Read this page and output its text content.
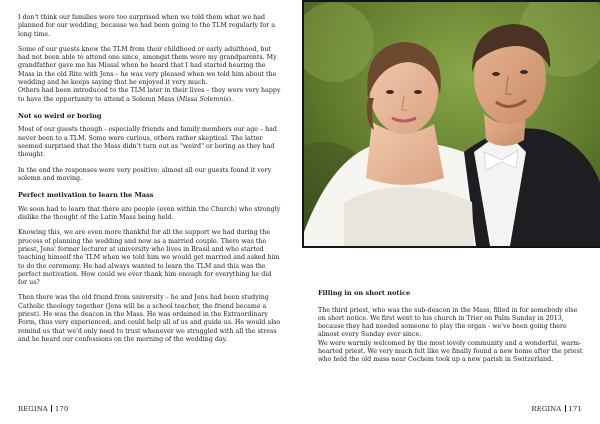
I don't think our families were too surprised when we told them what we had planned for our wedding, because we had been going to the TLM regularly for a long time.

Some of our guests knew the TLM from their childhood or early adulthood, but had not been able to attend one since, amongst them were my grandparents. My grandfather gave me his Missal when he heard that I had started hearing the Mass in the old Rite with Jens – he was very pleased when we told him about the wedding and he keeps saying that he enjoyed it very much.

Others had been introduced to the TLM later in their lives – they were very happy to have the opportunity to attend a Solemn Mass (Missa Solemnis).

Not so weird or boring

Most of our guests though - especially friends and family members our age – had never been to a TLM. Some were curious, others rather skeptical. The latter seemed surprised that the Mass didn't turn out as "weird" or boring as they had thought.

In the end the responses were very positive: almost all our guests found it very solemn and moving.

Perfect motivation to learn the Mass

We soon had to learn that there are people (even within the Church) who strongly dislike the thought of the Latin Mass being held.

Knowing this, we are even more thankful for all the support we had during the process of planning the wedding and now as a married couple. There was the priest, Jens' former lecturer at university who lives in Brasil and who started teaching himself the TLM when we told him we would get married and asked him to do the ceremony. He had always wanted to learn the TLM and this was the perfect motivation. How could we ever thank him enough for everything he did for us?

Then there was the old friend from university – he and Jens had been studying Catholic theology together (Jens will be a school teacher, the friend became a priest). He was the deacon in the Mass. He was ordained in the Extraordinary Form, thus very experienced, and could help all of us and guide us. He would also remind us that we'd only need to trust whenever we struggled with all the stress and he heard our confessions on the morning of the wedding day.

REGINA 170
Filling in on short notice

The third priest, who was the sub-deacon in the Mass, filled in for somebody else on short notice. We first went to his church in Trier on Palm Sunday in 2013, because they had needed someone to play the organ - we've been going there almost every Sunday ever since.

We were warmly welcomed by the most lovely community and a wonderful, warm- hearted priest. We very much felt like we finally found a new home after the priest who held the old mass near Cochem took up a new parish in Switzerland.

REGINA 171
